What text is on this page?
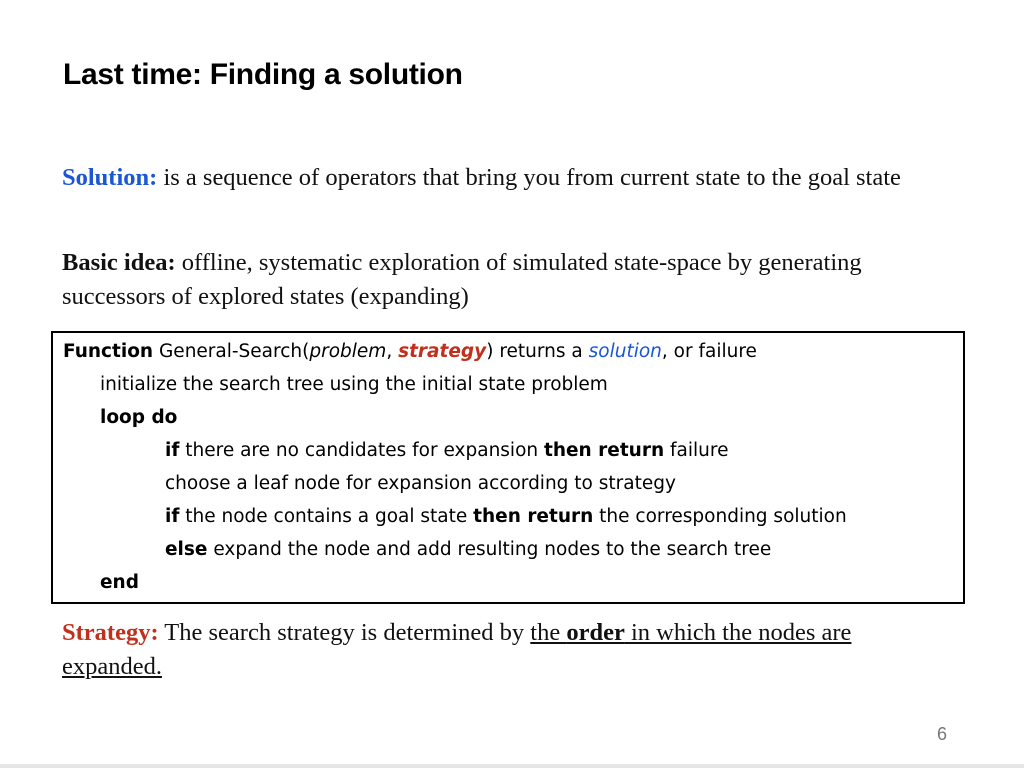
Last time: Finding a solution
Solution: is a sequence of operators that bring you from current state to the goal state
Basic idea: offline, systematic exploration of simulated state-space by generating successors of explored states (expanding)
Function General-Search(problem, strategy) returns a solution, or failure
initialize the search tree using the initial state problem
loop do
if there are no candidates for expansion then return failure
choose a leaf node for expansion according to strategy
if the node contains a goal state then return the corresponding solution
else expand the node and add resulting nodes to the search tree
end
Strategy: The search strategy is determined by the order in which the nodes are expanded.
6
